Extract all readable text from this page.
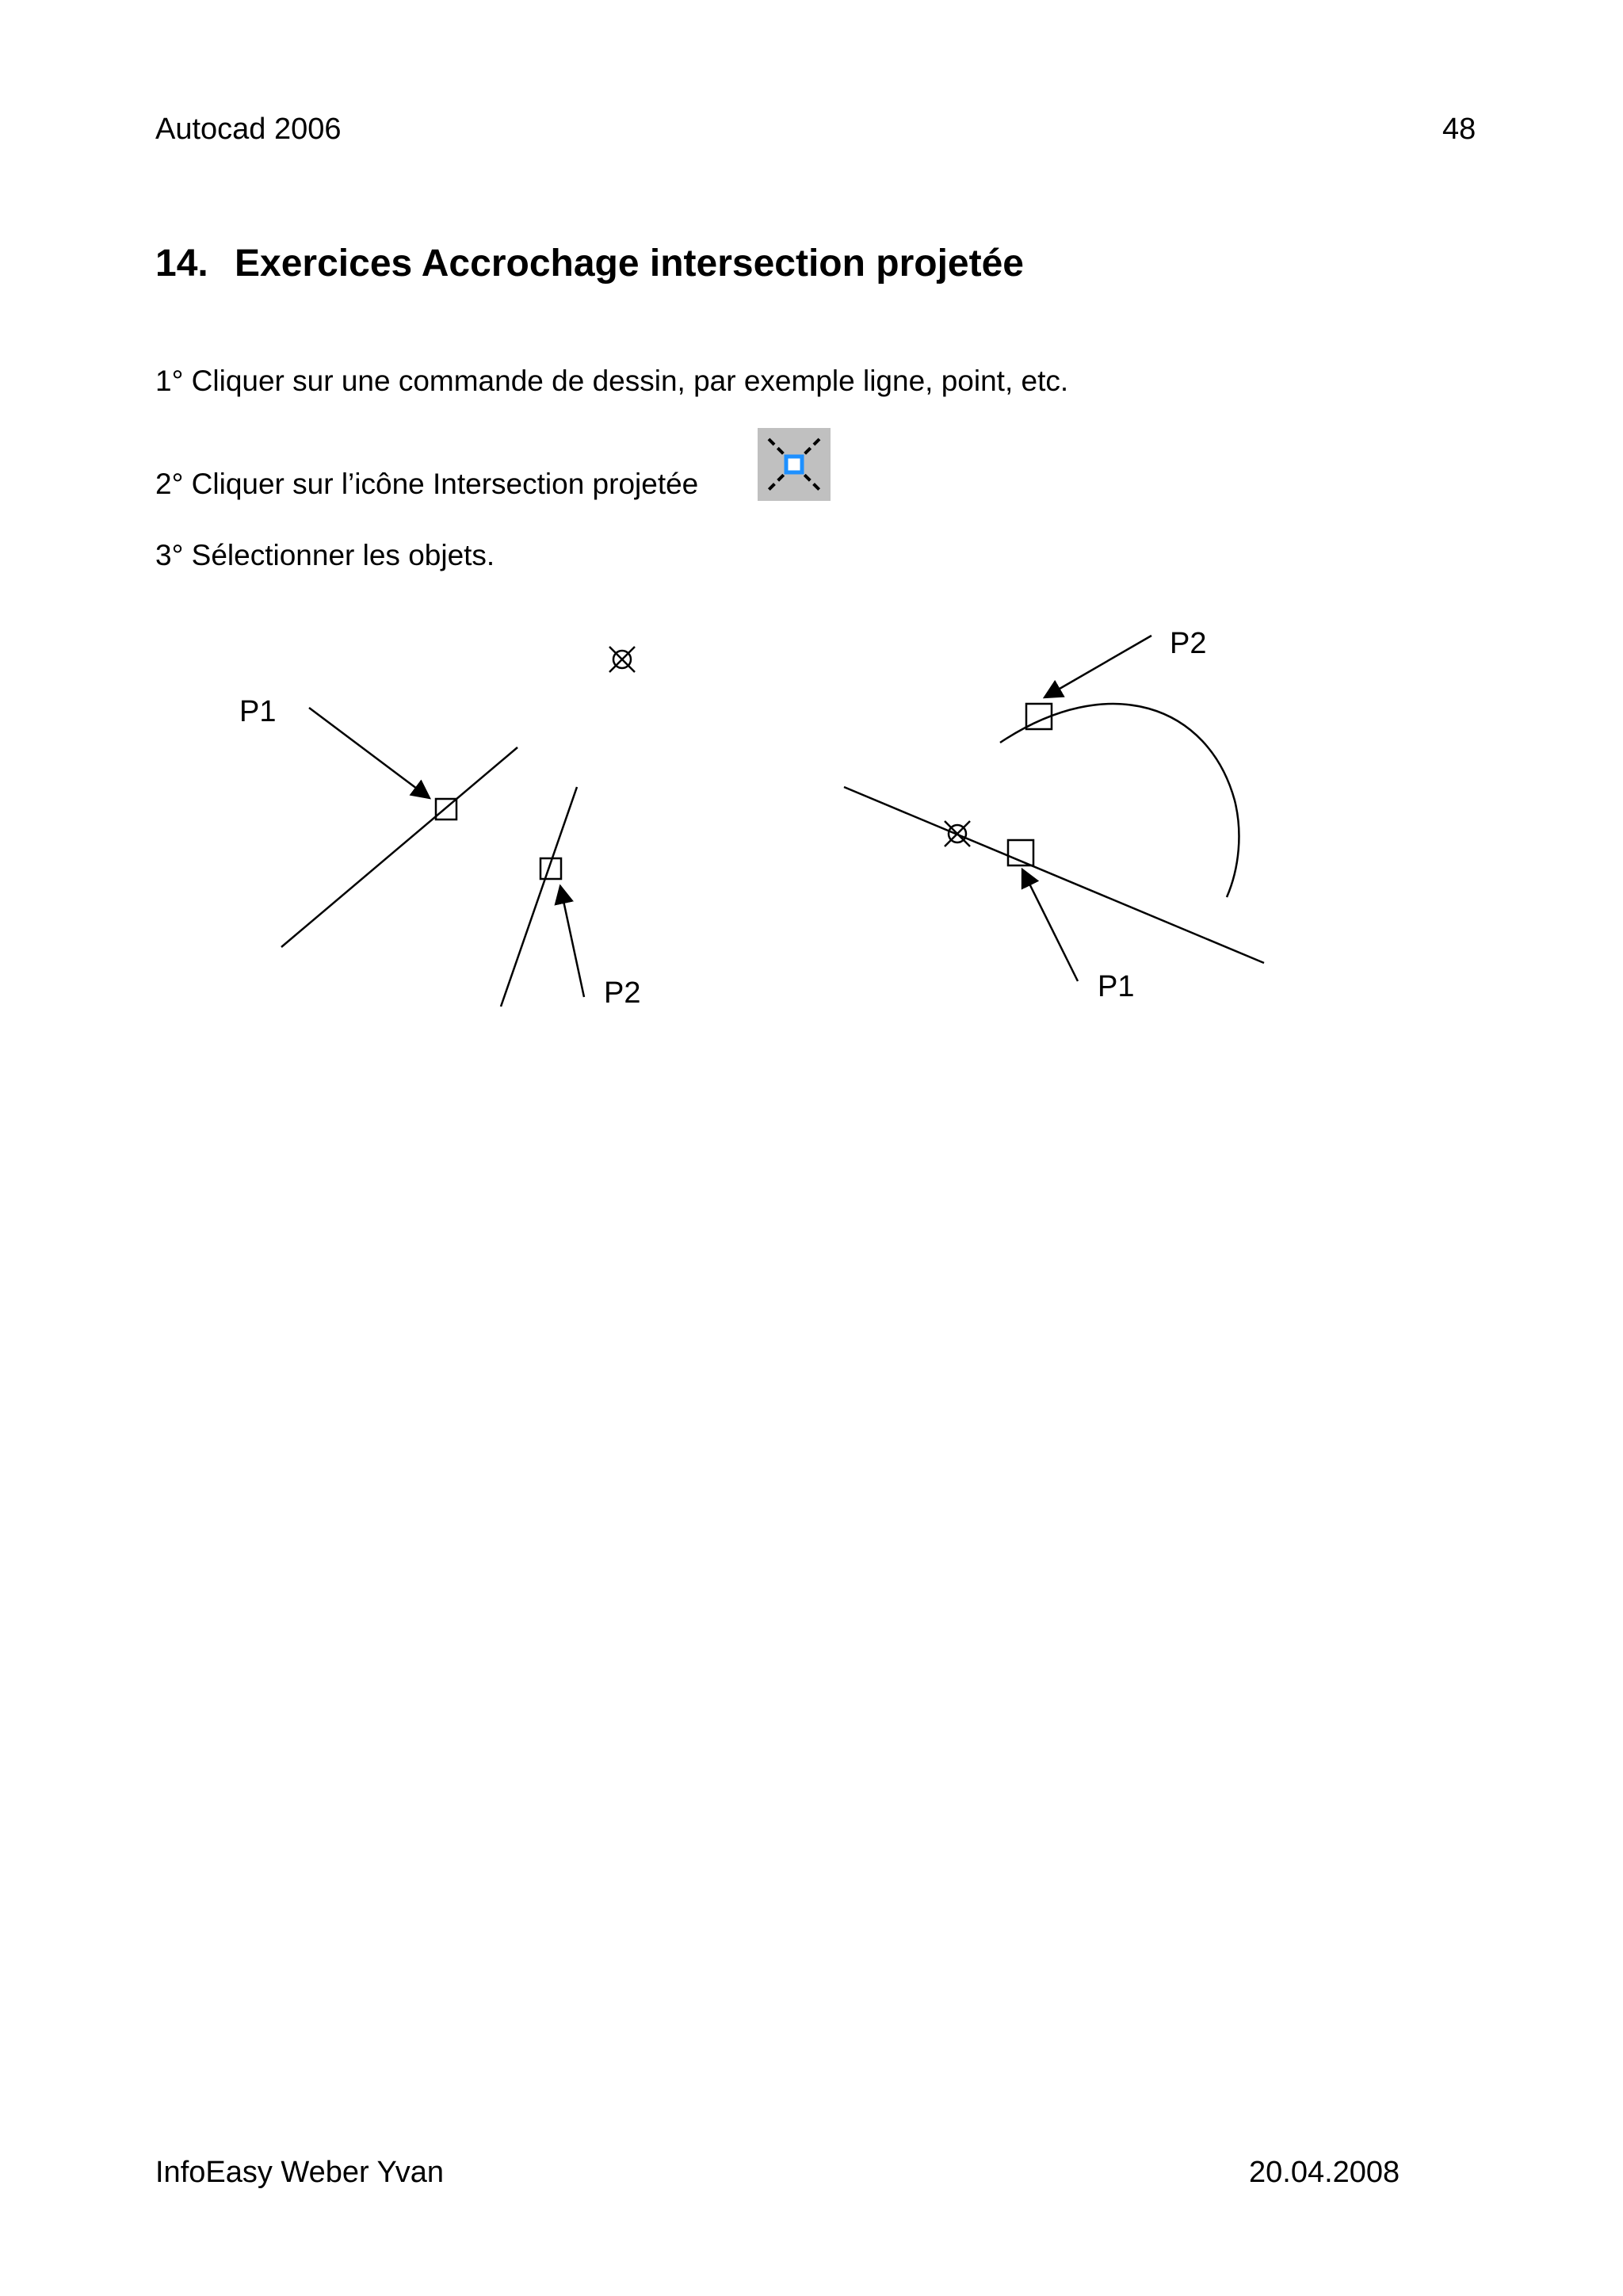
Autocad 2006	48
14. Exercices Accrochage intersection projetée
1° Cliquer sur une commande de dessin, par exemple ligne, point, etc.
2° Cliquer sur l’icône Intersection projetée
3° Sélectionner les objets.
P1
P2
P2
P1
InfoEasy Weber Yvan	20.04.2008
